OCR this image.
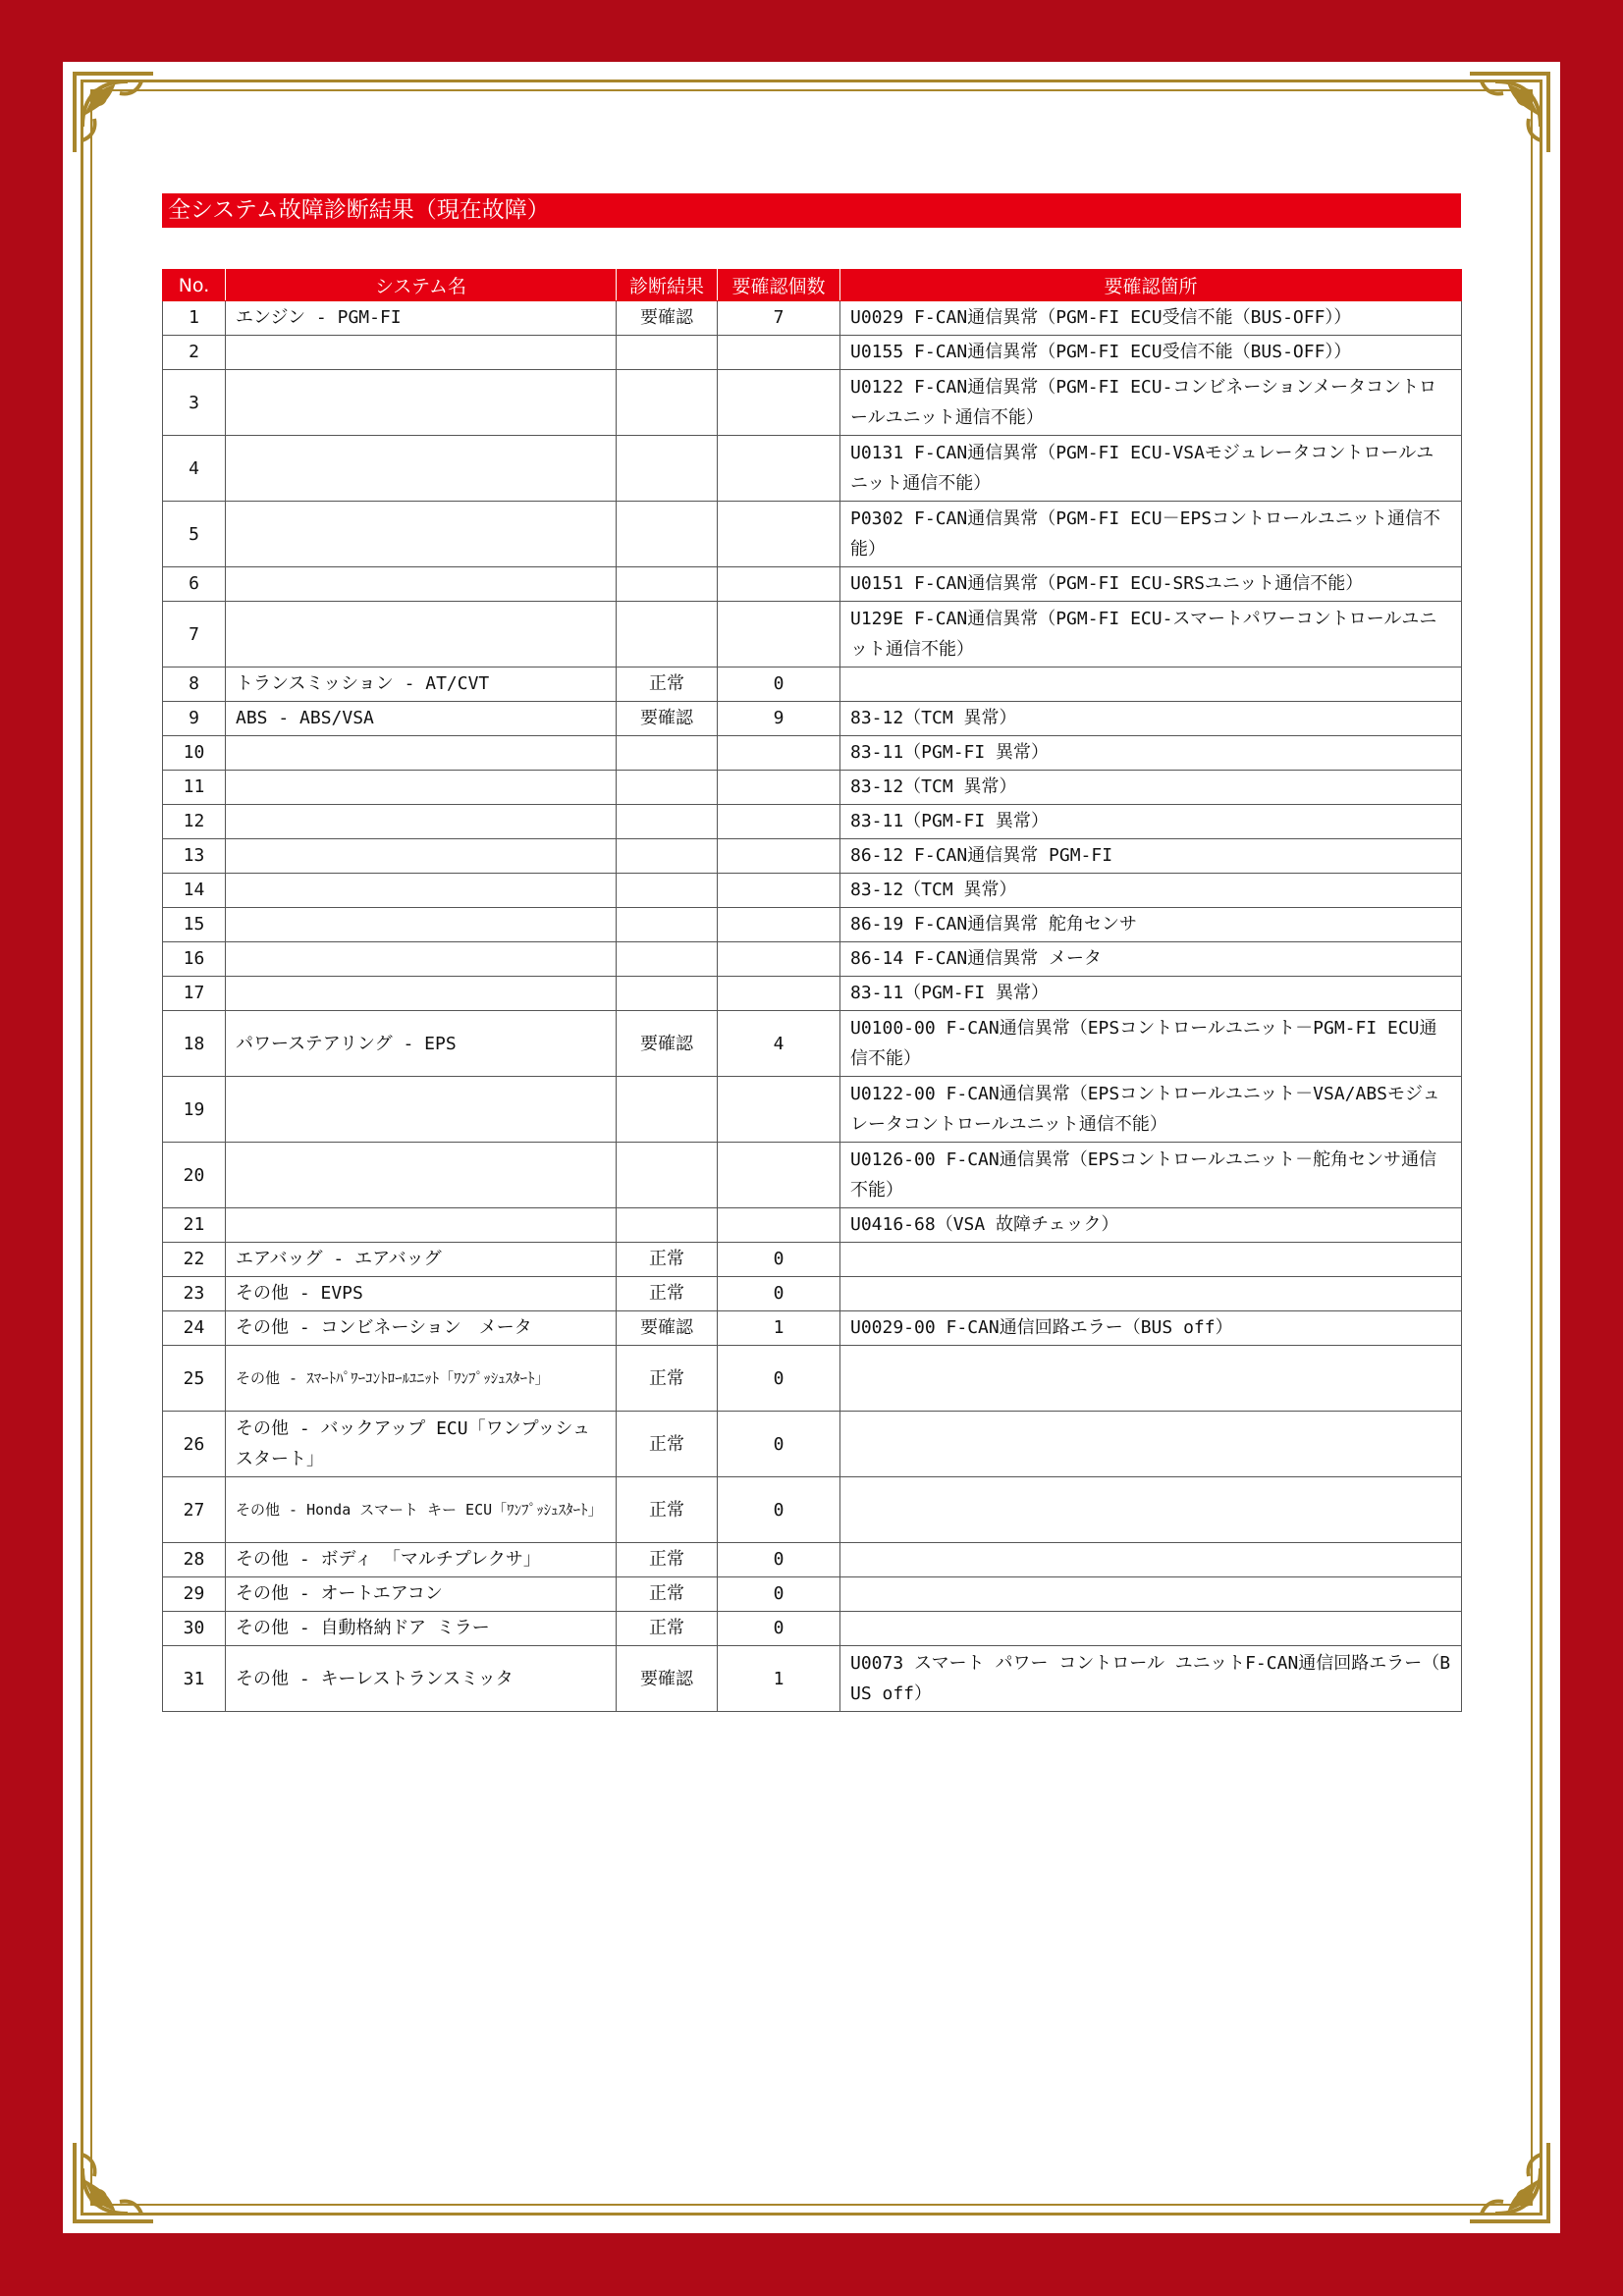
全システム故障診断結果（現在故障）
No.	システム名	診断結果	要確認個数	要確認箇所
1	エンジン - PGM-FI	要確認	7	U0029 F-CAN通信異常（PGM-FI ECU受信不能（BUS-OFF））
2				U0155 F-CAN通信異常（PGM-FI ECU受信不能（BUS-OFF））
3				U0122 F-CAN通信異常（PGM-FI ECU-コンビネーションメータコントロールユニット通信不能）
4				U0131 F-CAN通信異常（PGM-FI ECU-VSAモジュレータコントロールユニット通信不能）
5				P0302 F-CAN通信異常（PGM-FI ECU－EPSコントロールユニット通信不能）
6				U0151 F-CAN通信異常（PGM-FI ECU-SRSユニット通信不能）
7				U129E F-CAN通信異常（PGM-FI ECU-スマートパワーコントロールユニット通信不能）
8	トランスミッション - AT/CVT	正常	0	
9	ABS - ABS/VSA	要確認	9	83-12（TCM 異常）
10				83-11（PGM-FI 異常）
11				83-12（TCM 異常）
12				83-11（PGM-FI 異常）
13				86-12 F-CAN通信異常 PGM-FI
14				83-12（TCM 異常）
15				86-19 F-CAN通信異常 舵角センサ
16				86-14 F-CAN通信異常 メータ
17				83-11（PGM-FI 異常）
18	パワーステアリング - EPS	要確認	4	U0100-00 F-CAN通信異常（EPSコントロールユニット－PGM-FI ECU通信不能）
19				U0122-00 F-CAN通信異常（EPSコントロールユニット－VSA/ABSモジュレータコントロールユニット通信不能）
20				U0126-00 F-CAN通信異常（EPSコントロールユニット－舵角センサ通信不能）
21				U0416-68（VSA 故障チェック）
22	エアバッグ - エアバッグ	正常	0	
23	その他 - EVPS	正常	0	
24	その他 - コンビネーション　メータ	要確認	1	U0029-00 F-CAN通信回路エラー（BUS off）
25	その他 - ｽﾏｰﾄﾊﾟﾜｰｺﾝﾄﾛｰﾙﾕﾆｯﾄ「ﾜﾝﾌﾟｯｼｭｽﾀｰﾄ」	正常	0	
26	その他 - バックアップ ECU「ワンプッシュスタート」	正常	0	
27	その他 - Honda スマート キー ECU「ﾜﾝﾌﾟｯｼｭｽﾀｰﾄ」	正常	0	
28	その他 - ボディ 「マルチプレクサ」	正常	0	
29	その他 - オートエアコン	正常	0	
30	その他 - 自動格納ドア ミラー	正常	0	
31	その他 - キーレストランスミッタ	要確認	1	U0073 スマート パワー コントロール ユニットF-CAN通信回路エラー（BUS off）
